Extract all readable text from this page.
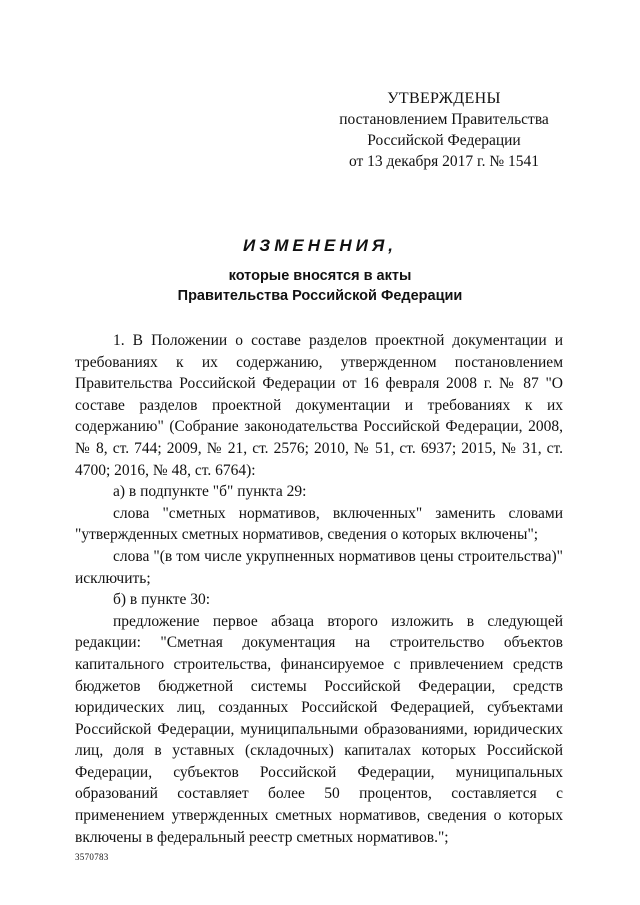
УТВЕРЖДЕНЫ
постановлением Правительства
Российской Федерации
от 13 декабря 2017 г. № 1541
ИЗМЕНЕНИЯ,
которые вносятся в акты
Правительства Российской Федерации

1. В Положении о составе разделов проектной документации и требованиях к их содержанию, утвержденном постановлением Правительства Российской Федерации от 16 февраля 2008 г. № 87 "О составе разделов проектной документации и требованиях к их содержанию" (Собрание законодательства Российской Федерации, 2008, № 8, ст. 744; 2009, № 21, ст. 2576; 2010, № 51, ст. 6937; 2015, № 31, ст. 4700; 2016, № 48, ст. 6764):

а) в подпункте "б" пункта 29:

слова "сметных нормативов, включенных" заменить словами "утвержденных сметных нормативов, сведения о которых включены";

слова "(в том числе укрупненных нормативов цены строительства)" исключить;

б) в пункте 30:

предложение первое абзаца второго изложить в следующей редакции: "Сметная документация на строительство объектов капитального строительства, финансируемое с привлечением средств бюджетов бюджетной системы Российской Федерации, средств юридических лиц, созданных Российской Федерацией, субъектами Российской Федерации, муниципальными образованиями, юридических лиц, доля в уставных (складочных) капиталах которых Российской Федерации, субъектов Российской Федерации, муниципальных образований составляет более 50 процентов, составляется с применением утвержденных сметных нормативов, сведения о которых включены в федеральный реестр сметных нормативов.";

3570783
